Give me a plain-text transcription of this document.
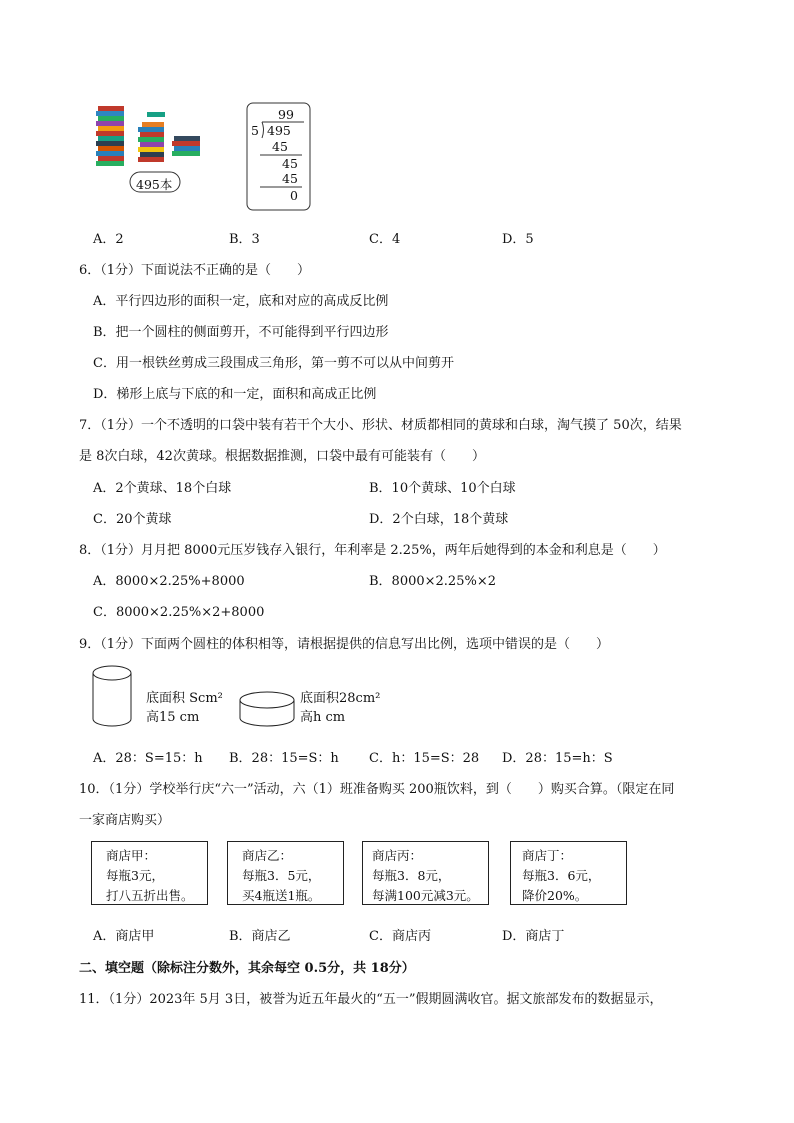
495本
99
5 495
45
45
45
0
A．2	B．3	C．4	D．5
6．（1分）下面说法不正确的是（　　）
A．平行四边形的面积一定，底和对应的高成反比例
B．把一个圆柱的侧面剪开，不可能得到平行四边形
C．用一根铁丝剪成三段围成三角形，第一剪不可以从中间剪开
D．梯形上底与下底的和一定，面积和高成正比例
7．（1分）一个不透明的口袋中装有若干个大小、形状、材质都相同的黄球和白球，淘气摸了 50次，结果
是 8次白球，42次黄球。根据数据推测，口袋中最有可能装有（　　）
A．2个黄球、18个白球	B．10个黄球、10个白球
C．20个黄球	D．2个白球，18个黄球
8．（1分）月月把 8000元压岁钱存入银行，年利率是 2.25%，两年后她得到的本金和利息是（　　）
A．8000×2.25%+8000	B．8000×2.25%×2
C．8000×2.25%×2+8000
9．（1分）下面两个圆柱的体积相等，请根据提供的信息写出比例，选项中错误的是（　　）
底面积 Scm²
高15 cm
底面积28cm²
高h cm
A．28：S=15：h B．28：15=S：h C．h：15=S：28 D．28：15=h：S
10．（1分）学校举行庆“六一”活动，六（1）班准备购买 200瓶饮料，到（　　）购买合算。（限定在同
一家商店购买）
商店甲：
每瓶3元，
打八五折出售。
商店乙：
每瓶3．5元，
买4瓶送1瓶。
商店丙：
每瓶3．8元，
每满100元减3元。
商店丁：
每瓶3．6元，
降价20%。
A．商店甲	B．商店乙	C．商店丙	D．商店丁
二、填空题（除标注分数外，其余每空 0.5分，共 18分）
11．（1分）2023年 5月 3日，被誉为近五年最火的“五一”假期圆满收官。据文旅部发布的数据显示，
